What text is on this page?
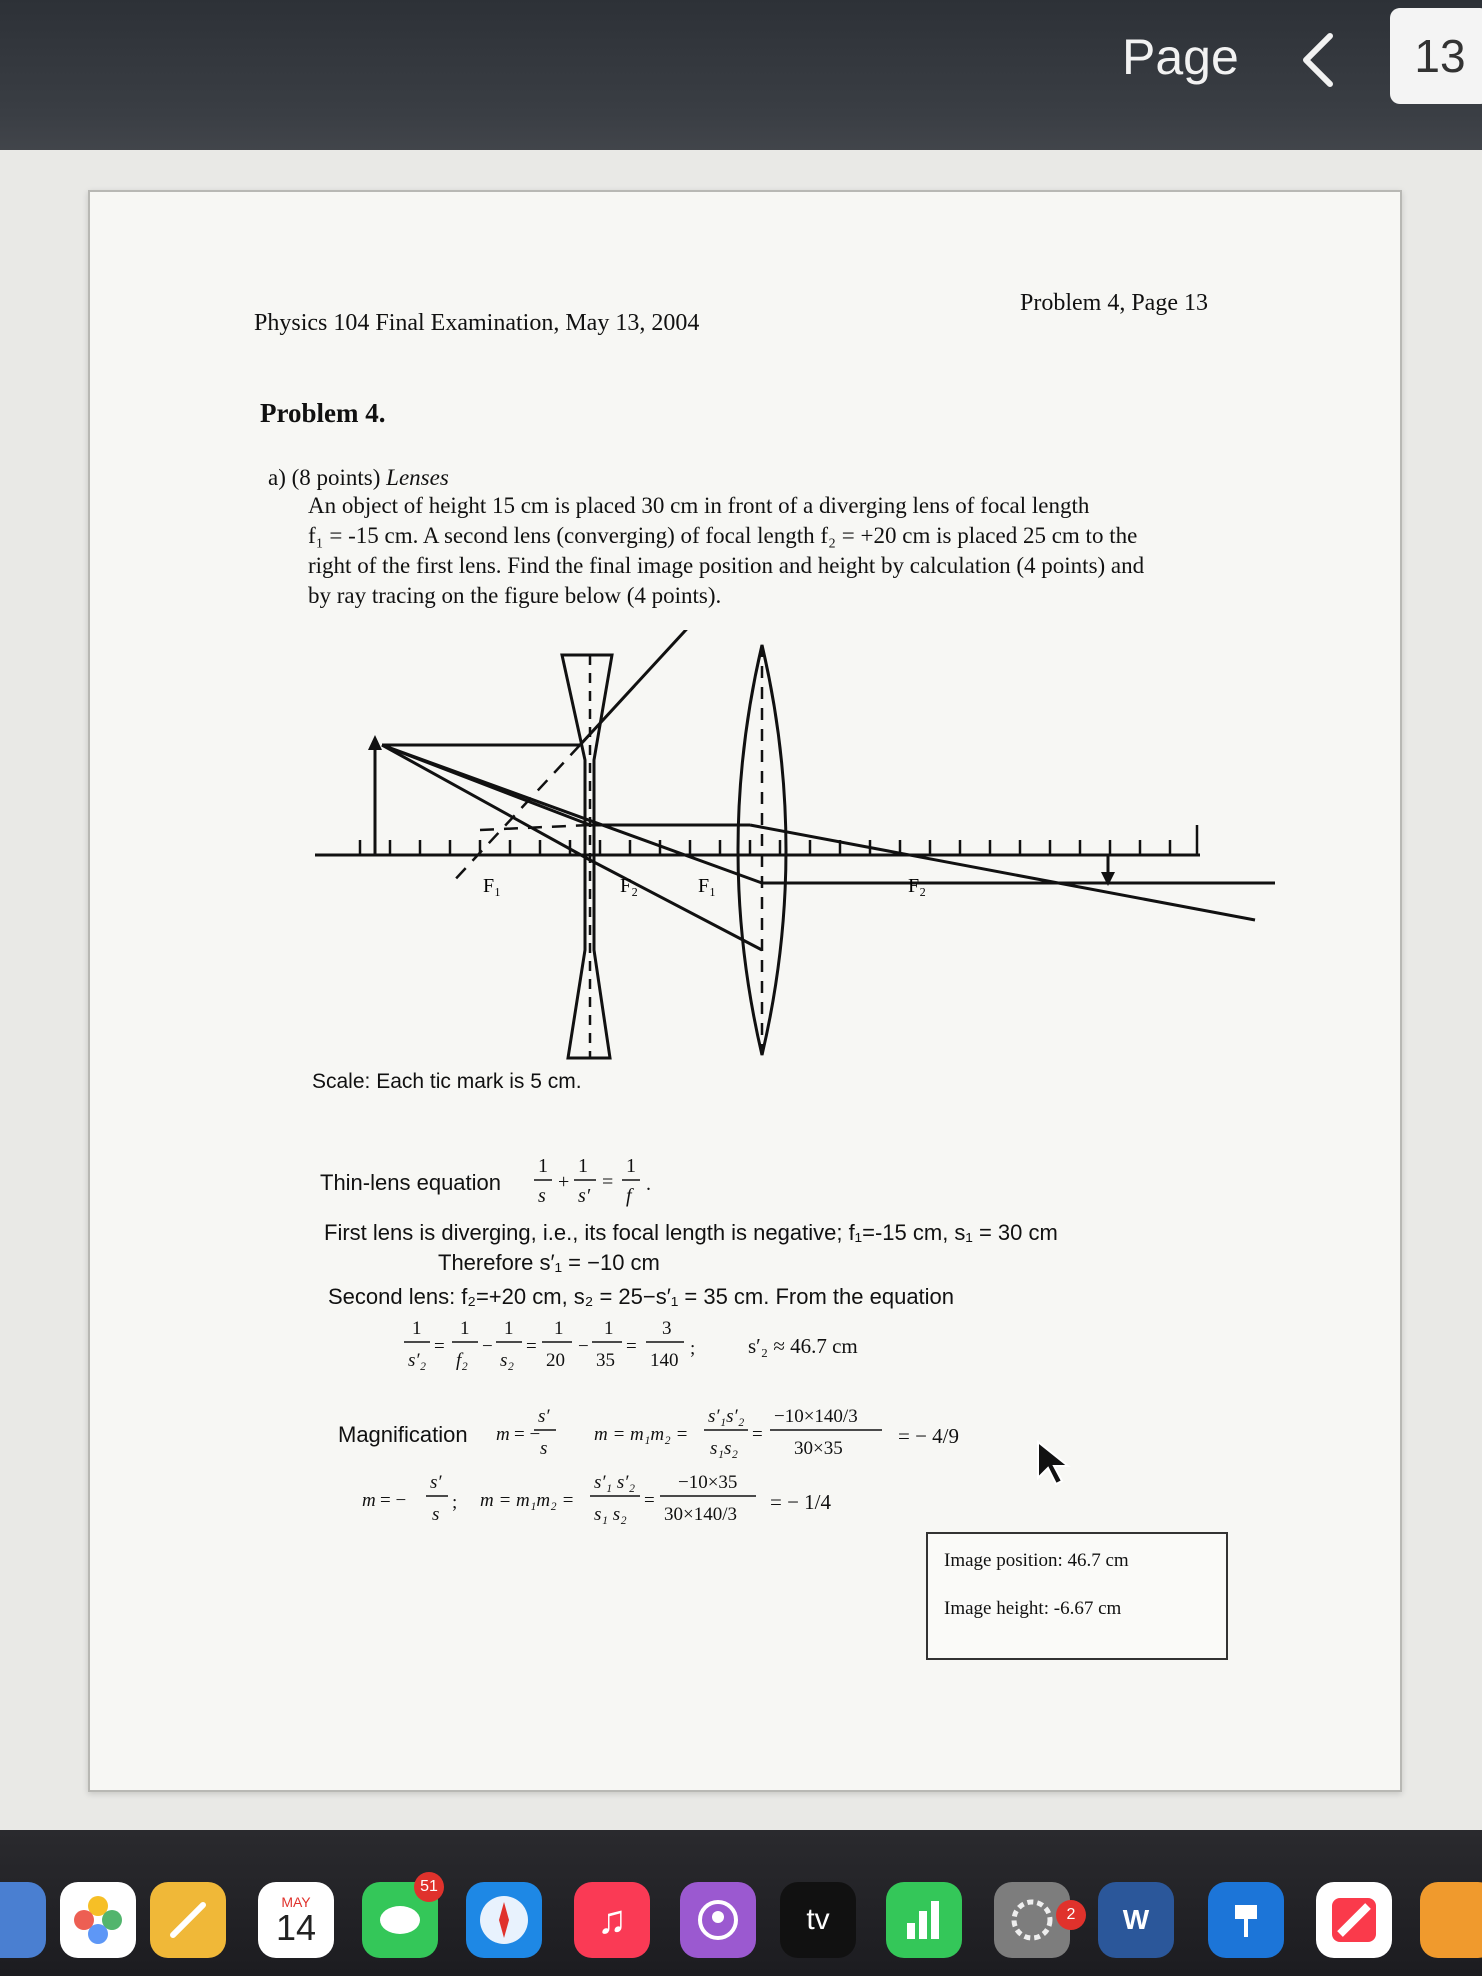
Page	13
Physics 104 Final Examination, May 13, 2004
Problem 4, Page 13
Problem 4.
a) (8 points) Lenses
An object of height 15 cm is placed 30 cm in front of a diverging lens of focal length
f₁ = -15 cm. A second lens (converging) of focal length f₂ = +20 cm is placed 25 cm to the
right of the first lens. Find the final image position and height by calculation (4 points) and
by ray tracing on the figure below (4 points).
F₁	F₂	F₁	F₂
Scale: Each tic mark is 5 cm.
Thin-lens equation
1
s
+
1
s′
=
1
f
.
First lens is diverging, i.e., its focal length is negative; f₁=-15 cm, s₁ = 30 cm
Therefore s′₁ = −10 cm
Second lens: f₂=+20 cm, s₂ = 25−s′₁ = 35 cm. From the equation
1
s′₂
=
1
f₂
−
1
s₂
=
1
20
−
1
35
=
3
140
;	s′₂ ≈ 46.7 cm
Magnification m = −
s′
s
m = m₁m₂ =
s′₁s′₂
s₁s₂
=
−10×140/3
30×35
= − 4/9
m = −
s′
s
; m = m₁m₂ =
s′₁ s′₂
s₁ s₂
=
−10×35
30×140/3
= − 1/4
Image position: 46.7 cm
Image height: -6.67 cm
MAY
14
51
♫	tv	2	W
